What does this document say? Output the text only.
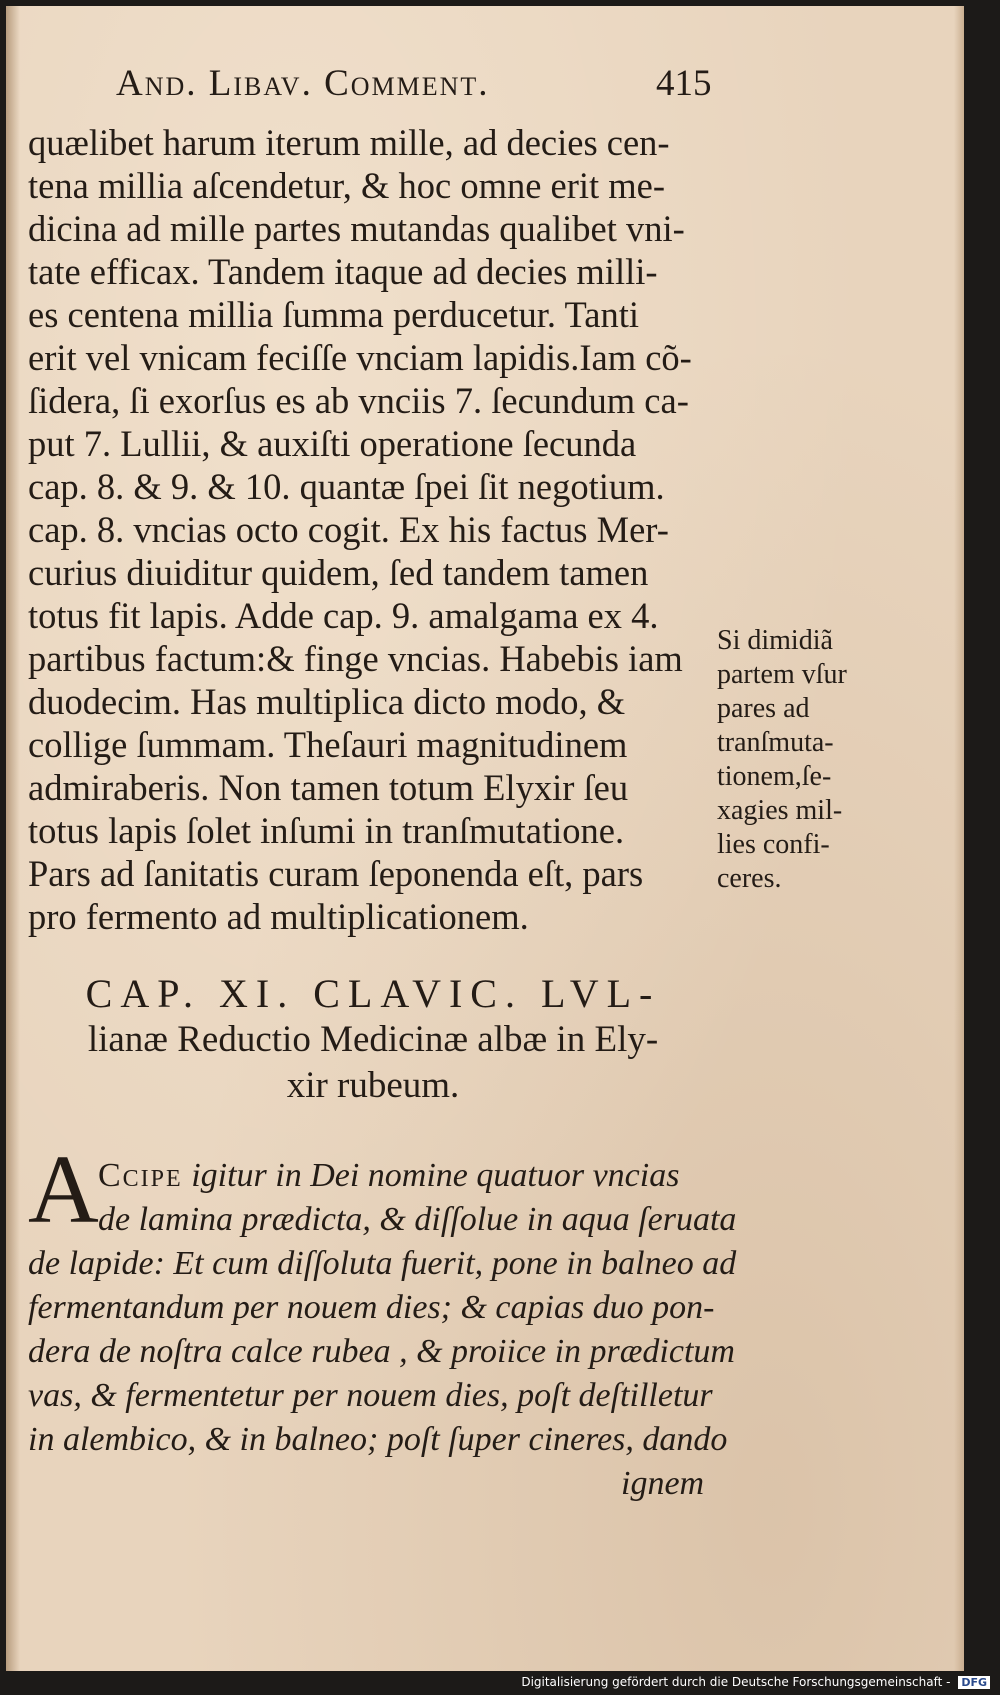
And. Libav. Comment.	415
quælibet harum iterum mille, ad decies cen-
tena millia aſcendetur, & hoc omne erit me-
dicina ad mille partes mutandas qualibet vni-
tate efficax. Tandem itaque ad decies milli-
es centena millia ſumma perducetur. Tanti
erit vel vnicam feciſſe vnciam lapidis.Iam cõ-
ſidera, ſi exorſus es ab vnciis 7. ſecundum ca-
put 7. Lullii, & auxiſti operatione ſecunda
cap. 8. & 9. & 10. quantæ ſpei ſit negotium.
cap. 8. vncias octo cogit. Ex his factus Mer-
curius diuiditur quidem, ſed tandem tamen
totus fit lapis. Adde cap. 9. amalgama ex 4.
partibus factum:& finge vncias. Habebis iam
duodecim. Has multiplica dicto modo, &
collige ſummam. Theſauri magnitudinem
admiraberis. Non tamen totum Elyxir ſeu
totus lapis ſolet inſumi in tranſmutatione.
Pars ad ſanitatis curam ſeponenda eſt, pars
pro fermento ad multiplicationem.
Si dimidiã
partem vſur
pares ad
tranſmuta-
tionem,ſe-
xagies mil-
lies confi-
ceres.
CAP. XI. CLAVIC. LVL-
lianæ Reductio Medicinæ albæ in Ely-
xir rubeum.
A Ccipe igitur in Dei nomine quatuor vncias
de lamina prædicta, & diſſolue in aqua ſeruata
de lapide: Et cum diſſoluta fuerit, pone in balneo ad
fermentandum per nouem dies; & capias duo pon-
dera de noſtra calce rubea , & proiice in prædictum
vas, & fermentetur per nouem dies, poſt deſtilletur
in alembico, & in balneo; poſt ſuper cineres, dando
ignem
Digitalisierung gefördert durch die Deutsche Forschungsgemeinschaft - DFG
